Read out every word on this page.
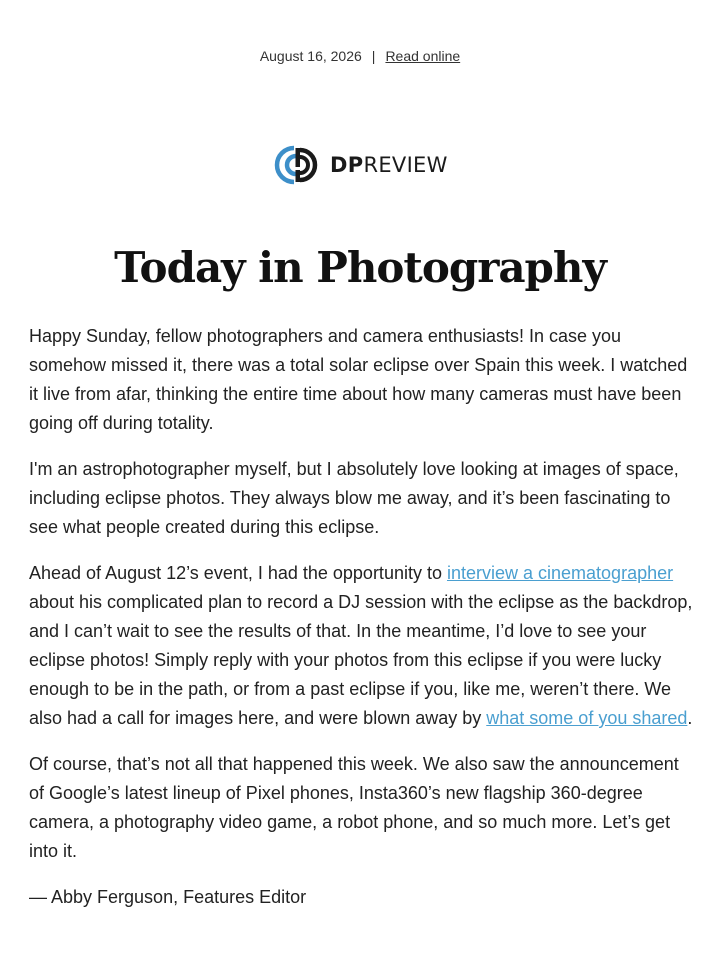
August 16, 2026 | Read online
DPREVIEW
Today in Photography

Happy Sunday, fellow photographers and camera enthusiasts! In case you somehow missed it, there was a total solar eclipse over Spain this week. I watched it live from afar, thinking the entire time about how many cameras must have been going off during totality.

I'm an astrophotographer myself, but I absolutely love looking at images of space, including eclipse photos. They always blow me away, and it’s been fascinating to see what people created during this eclipse.

Ahead of August 12’s event, I had the opportunity to interview a cinematographer about his complicated plan to record a DJ session with the eclipse as the backdrop, and I can’t wait to see the results of that. In the meantime, I’d love to see your eclipse photos! Simply reply with your photos from this eclipse if you were lucky enough to be in the path, or from a past eclipse if you, like me, weren’t there. We also had a call for images here, and were blown away by what some of you shared.

Of course, that’s not all that happened this week. We also saw the announcement of Google’s latest lineup of Pixel phones, Insta360’s new flagship 360-degree camera, a photography video game, a robot phone, and so much more. Let’s get into it.

— Abby Ferguson, Features Editor
